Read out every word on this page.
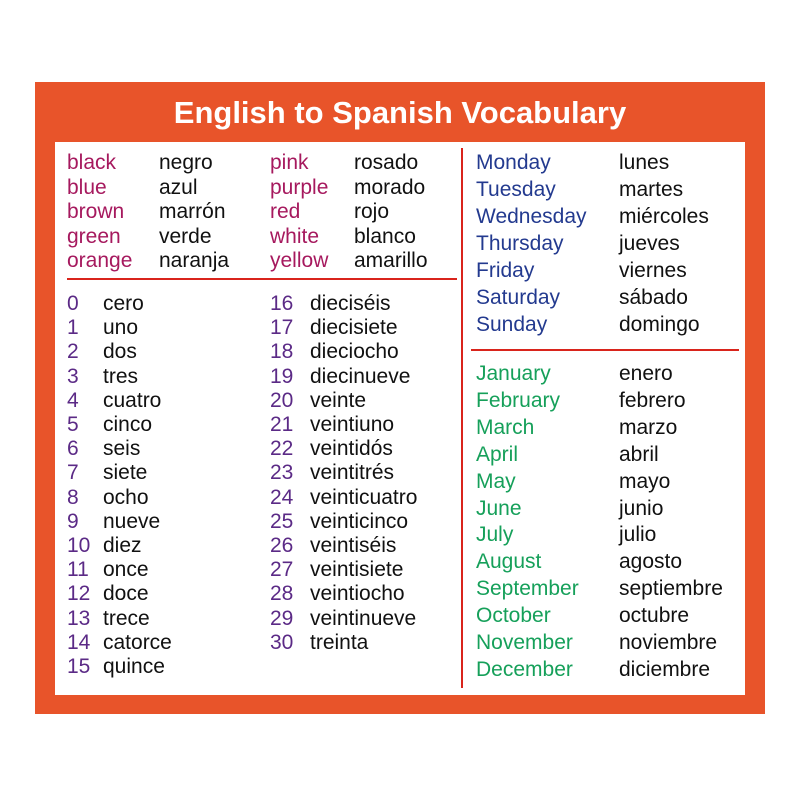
English to Spanish Vocabulary
black negro
blue azul
brown marrón
green verde
orange naranja
pink rosado
purple morado
red	rojo
white blanco
yellow amarillo
0 cero
1 uno
2 dos
3 tres
4 cuatro
5 cinco
6 seis
7 siete
8 ocho
9 nueve
10 diez
11 once
12 doce
13 trece
14 catorce
15 quince
16 dieciséis
17 diecisiete
18 dieciocho
19 diecinueve
20 veinte
21 veintiuno
22 veintidós
23 veintitrés
24 veinticuatro
25 veinticinco
26 veintiséis
27 veintisiete
28 veintiocho
29 veintinueve
30 treinta
Monday	lunes
Tuesday	martes
Wednesday miércoles
Thursday	jueves
Friday	viernes
Saturday	sábado
Sunday	domingo
January	enero
February	febrero
March	marzo
April	abril
May	mayo
June	junio
July	julio
August	agosto
September septiembre
October	octubre
November noviembre
December diciembre
